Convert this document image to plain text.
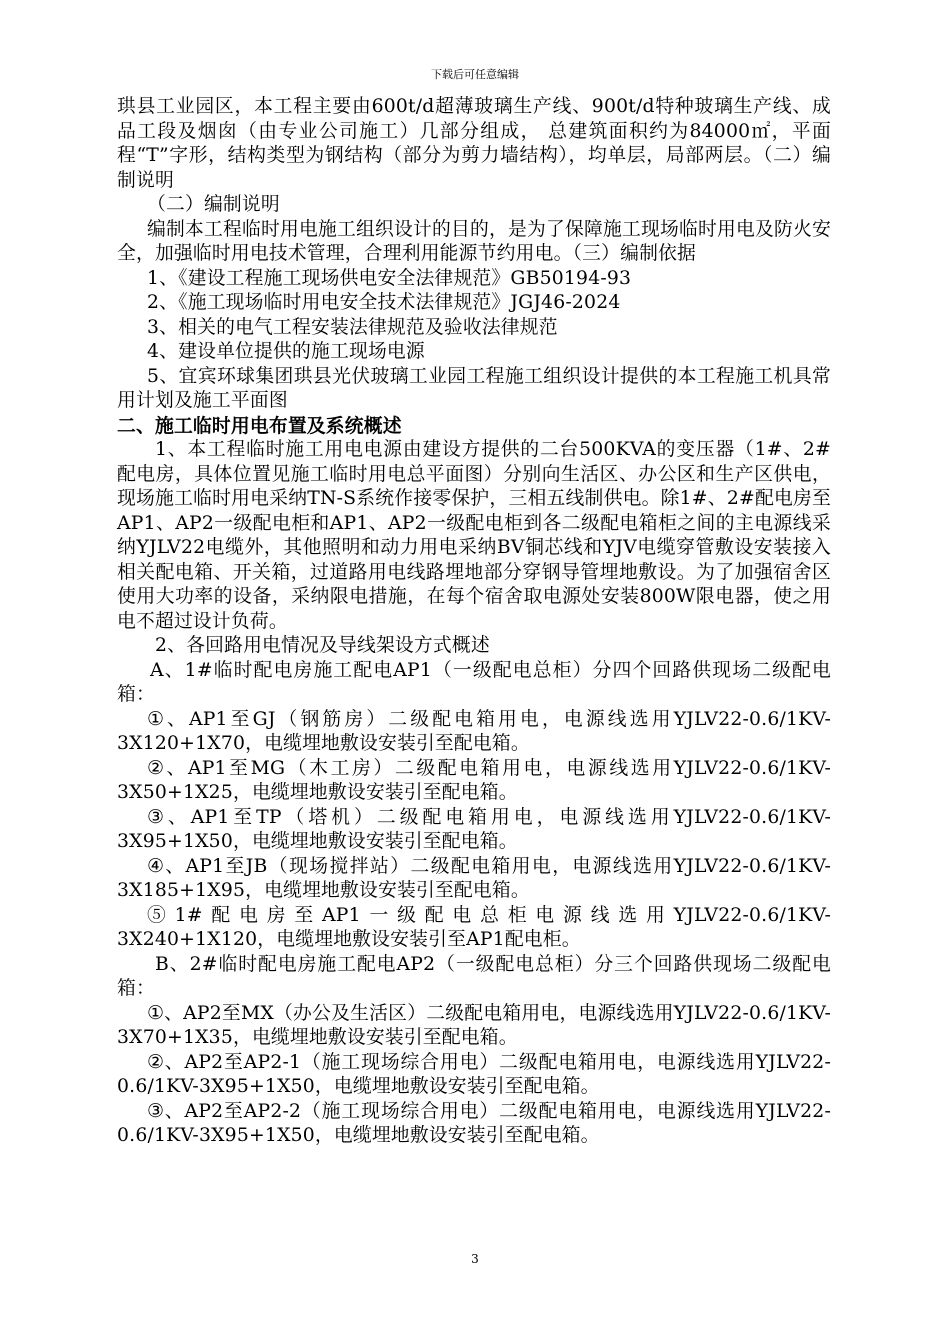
下载后可任意编辑

珙县工业园区，本工程主要由600t/d超薄玻璃生产线、900t/d特种玻璃生产线、成品工段及烟囱（由专业公司施工）几部分组成， 总建筑面积约为84000㎡，平面程“T”字形，结构类型为钢结构（部分为剪力墙结构），均单层，局部两层。（二）编制说明

（二）编制说明

编制本工程临时用电施工组织设计的目的，是为了保障施工现场临时用电及防火安全，加强临时用电技术管理，合理利用能源节约用电。（三）编制依据

1、《建设工程施工现场供电安全法律规范》GB50194-93

2、《施工现场临时用电安全技术法律规范》JGJ46-2024

3、相关的电气工程安装法律规范及验收法律规范

4、建设单位提供的施工现场电源

5、宜宾环球集团珙县光伏玻璃工业园工程施工组织设计提供的本工程施工机具常用计划及施工平面图

二、施工临时用电布置及系统概述

1、本工程临时施工用电电源由建设方提供的二台500KVA的变压器（1#、2#配电房，具体位置见施工临时用电总平面图）分别向生活区、办公区和生产区供电，现场施工临时用电采纳TN-S系统作接零保护，三相五线制供电。除1#、2#配电房至AP1、AP2一级配电柜和AP1、AP2一级配电柜到各二级配电箱柜之间的主电源线采纳YJLV22电缆外，其他照明和动力用电采纳BV铜芯线和YJV电缆穿管敷设安装接入相关配电箱、开关箱，过道路用电线路埋地部分穿钢导管埋地敷设。为了加强宿舍区使用大功率的设备，采纳限电措施，在每个宿舍取电源处安装800W限电器，使之用电不超过设计负荷。

2、各回路用电情况及导线架设方式概述

A、1#临时配电房施工配电AP1（一级配电总柜）分四个回路供现场二级配电箱：

①、AP1至GJ（钢筋房）二级配电箱用电，电源线选用YJLV22-0.6/1KV-3X120+1X70，电缆埋地敷设安装引至配电箱。

②、AP1至MG（木工房）二级配电箱用电，电源线选用YJLV22-0.6/1KV-3X50+1X25，电缆埋地敷设安装引至配电箱。

③、AP1至TP（塔机）二级配电箱用电，电源线选用YJLV22-0.6/1KV-3X95+1X50，电缆埋地敷设安装引至配电箱。

④、AP1至JB（现场搅拌站）二级配电箱用电，电源线选用YJLV22-0.6/1KV-3X185+1X95，电缆埋地敷设安装引至配电箱。

⑤1#配电房至AP1一级配电总柜电源线选用YJLV22-0.6/1KV-3X240+1X120，电缆埋地敷设安装引至AP1配电柜。

B、2#临时配电房施工配电AP2（一级配电总柜）分三个回路供现场二级配电箱：

①、AP2至MX（办公及生活区）二级配电箱用电，电源线选用YJLV22-0.6/1KV-3X70+1X35，电缆埋地敷设安装引至配电箱。

②、AP2至AP2-1（施工现场综合用电）二级配电箱用电，电源线选用YJLV22-0.6/1KV-3X95+1X50，电缆埋地敷设安装引至配电箱。

③、AP2至AP2-2（施工现场综合用电）二级配电箱用电，电源线选用YJLV22-0.6/1KV-3X95+1X50，电缆埋地敷设安装引至配电箱。

3
